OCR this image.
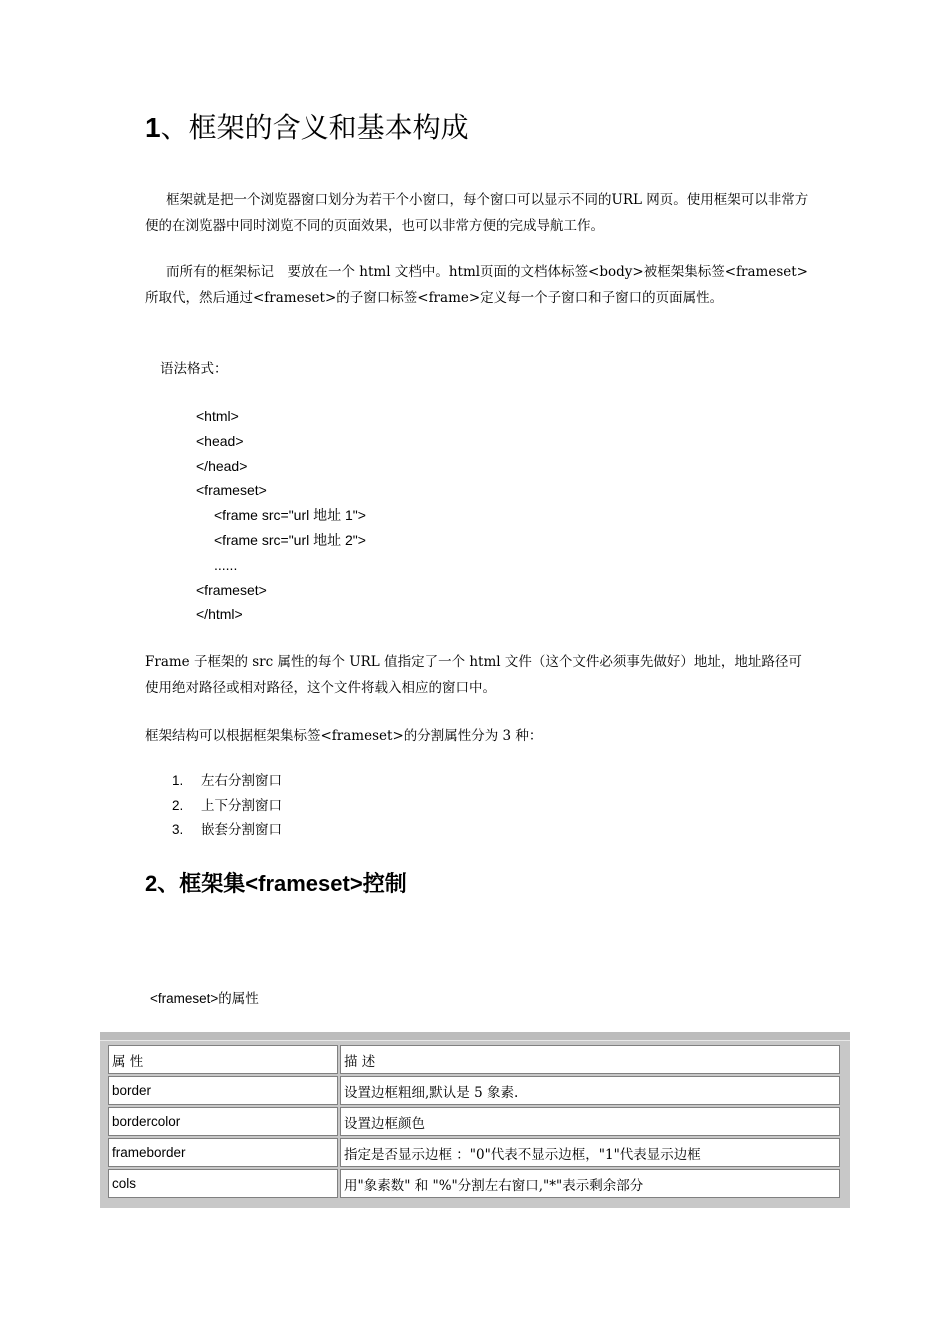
1、框架的含义和基本构成

框架就是把一个浏览器窗口划分为若干个小窗口，每个窗口可以显示不同的URL 网页。使用框架可以非常方便的在浏览器中同时浏览不同的页面效果，也可以非常方便的完成导航工作。

而所有的框架标记　要放在一个 html 文档中。html页面的文档体标签<body>被框架集标签<frameset>所取代，然后通过<frameset>的子窗口标签<frame>定义每一个子窗口和子窗口的页面属性。

语法格式：

<html>
<head>
</head>
<frameset>
<frame src="url 地址 1">
<frame src="url 地址 2">
......
<frameset>
</html>

Frame 子框架的 src 属性的每个 URL 值指定了一个 html 文件（这个文件必须事先做好）地址，地址路径可使用绝对路径或相对路径，这个文件将载入相应的窗口中。

框架结构可以根据框架集标签<frameset>的分割属性分为 3 种：

1.	左右分割窗口
2.	上下分割窗口
3.	嵌套分割窗口
2、框架集<frameset>控制
<frameset>的属性
属 性	描 述
border	设置边框粗细,默认是 5 象素.
bordercolor	设置边框颜色
frameborder	指定是否显示边框 ："0"代表不显示边框，"1"代表显示边框
cols	用"象素数" 和 "%"分割左右窗口,"*"表示剩余部分
